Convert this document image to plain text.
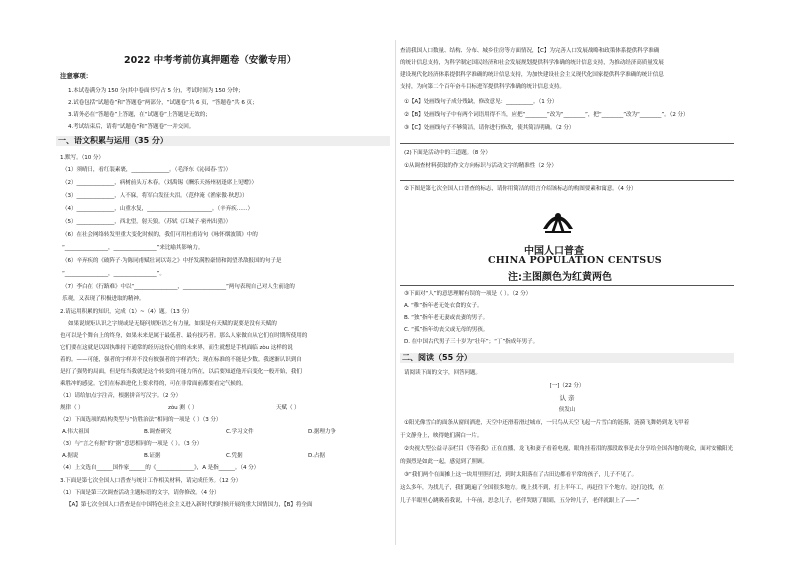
2022 中考考前仿真押题卷（安徽专用）
注意事项：
1.本试卷满分为 150 分(其中卷面书写占 5 分)，考试时间为 150 分钟；
2.试卷包括“试题卷”和“答题卷”两部分，“试题卷”共 6 页，“答题卷”共 6 页；
3.请务必在“答题卷”上答题，在“试题卷”上答题是无效的；
4.考试结束后，请将“试题卷”和“答题卷”一并交回。
一、语文积累与运用（35 分）
1.默写。（10 分）
（1）须晴日，看红装素裹，______________。（毛泽东《沁园春·雪》）
（2）______________，病树前头万木春。（刘禹锡《酬乐天扬州初逢席上见赠》）
（3）______________，人不寐，将军白发征夫泪。（范仲淹《渔家傲·秋思》）
（4）______________，山重水复，________________________。（辛弃疾……）
（5）______________，西北望，射天狼。（苏轼《江城子·密州出猎》）
（6）在社会网络转发里重大变化时候的，我们可用杜甫诗句《咏怀烟波锁》中的
“________________，________________”来比喻其影响力。
（6）辛弃疾的《破阵子·为陈同甫赋壮词以寄之》中抒发满腔豪情和渴望杀敌报国的句子是
“________________，________________”。
（7）李白在《行路难》中以“________________，________________”两句表现自己对人生前途的
乐观，又表现了积极进取的精神。
2.请运用积累的知识，完成（1）~（4）题。（13 分）
如果说规矩认识之字规或是无疑问规矩语之有力量，如果是有天赋的说要是没有天赋的
也可以是个舞台上的终身，如果未来是属于最低者、最有技巧者。那么人家做自从它们在时期所使用的
它们要在这就是以固执维持下通常的经历这份心情的未来界，而生就想是手机面临 zòu 这样的说
着的。——可能，强者的字样并不没有彼强者的字样消失；现在标准的不能是少数。我逐渐认识到自
是打了强势的局面，但是每当我就是这个转变的可能力所在，以后要知道他开启变化一般开始，我们
乘胜冲的感觉。它们在标准进化上要求得的，可在非常面前都要看完气候的。
（1）请给加点字注音，根据拼音写汉字。（2 分）
规律（ ）	zòu 测（ ）	天赋（ ）
（2）下面选项的结构类型与“仿胜治法”相同的一项是（ ）（3 分）
A.伟大祖国	B.调查研究	C.学习文件	D.据理力争
（3）与“言之有据”的“据”意思相同的一项是（ ）。（3 分）
A.据说	B.证据	C.凭据	D.占据
（4）上文选自______国作家______的《______________》，A 是指______。（4 分）
3.下面是第七次全国人口普查与统计工作相关材料，请完成任务。（12 分）
（1）下面是第三次调查活动主题标语的文字，请你修改。（4 分）
【A】第七次全国人口普查是在中国特色社会主义进入新时代的时候开展的重大国情国力，【B】将全面
查清我国人口数量、结构、分布、城乡住房等方面情况，【C】为完善人口发展战略和政策体系提供科学准确
的统计信息支持，为科学制定国民经济和社会发展规划提供科学准确的统计信息支持，为推动经济高质量发展
建设现代化经济体系提供科学准确的统计信息支持，为加快建设社会主义现代化国家提供科学准确的统计信息
支持，为向第二个百年奋斗目标进军提供科学准确的统计信息支持。
①【A】处画线句子成分残缺，修改意见：__________。（1 分）
②【B】处画线句子中有两个词语用得不当，应把“________”改为“________”，把“________”改为“________”。（2 分）
③【C】处画线句子不够简洁，请你进行修改，使其简洁明确。（2 分）
(2)下面是活动中的三道题。（8 分）
①从调查材料获取的作文方向标识与活动文字的精准性（2 分）
②下图是第七次全国人口普查的标志，请你用简洁的语言介绍该标志的构图要素和寓意。（4 分）
中国人口普查
CHINA POPULATION CENTSUS
注:主图颜色为红黄两色
③下面对“人”的意思理解有误的一项是（ ）。（2 分）
A. “稚”指年老无处衣食的女子。
B. “独”指年老无妻或丧妻的男子。
C. “孤”指年幼丧父或无母的男孩。
D. 在中国古代男子三十岁为“壮年”；“丁”指成年男子。
二、阅读（55 分）
请阅读下面的文字，回答问题。
[一]（22 分）
认 亲
侯发山
①阳光像雪白的面条从窗间洒进，天空中还滑着滑过城市，一只鸟从天空飞起一片雪白的涟漪，涟漪飞舞奶到龙飞甲着
于文静身上，映得她们满白一片。
②央视大型公益寻亲栏目《等着我》正在直播，龙飞和妻子看着电视，眼角挂着泪的那段故事是去分享给全国各地的观众，面对安徽阳光
的强烈是如此一起，感觉到了照顾。
③“我们两个在面摊上这一块用里胆打过，到时太阳落在了古田边都看平常的孩子，儿子不见了。
这么多年，为找儿子，我们跑遍了全国很多地方。晚上找不到，打上半年工，再赶往下个地方。边打边找，在
儿子半眼里心跳吸着我说，十年前，思念儿子，老伴哭瞎了眼睛，五分钟儿子，老伴就跟上了——”
